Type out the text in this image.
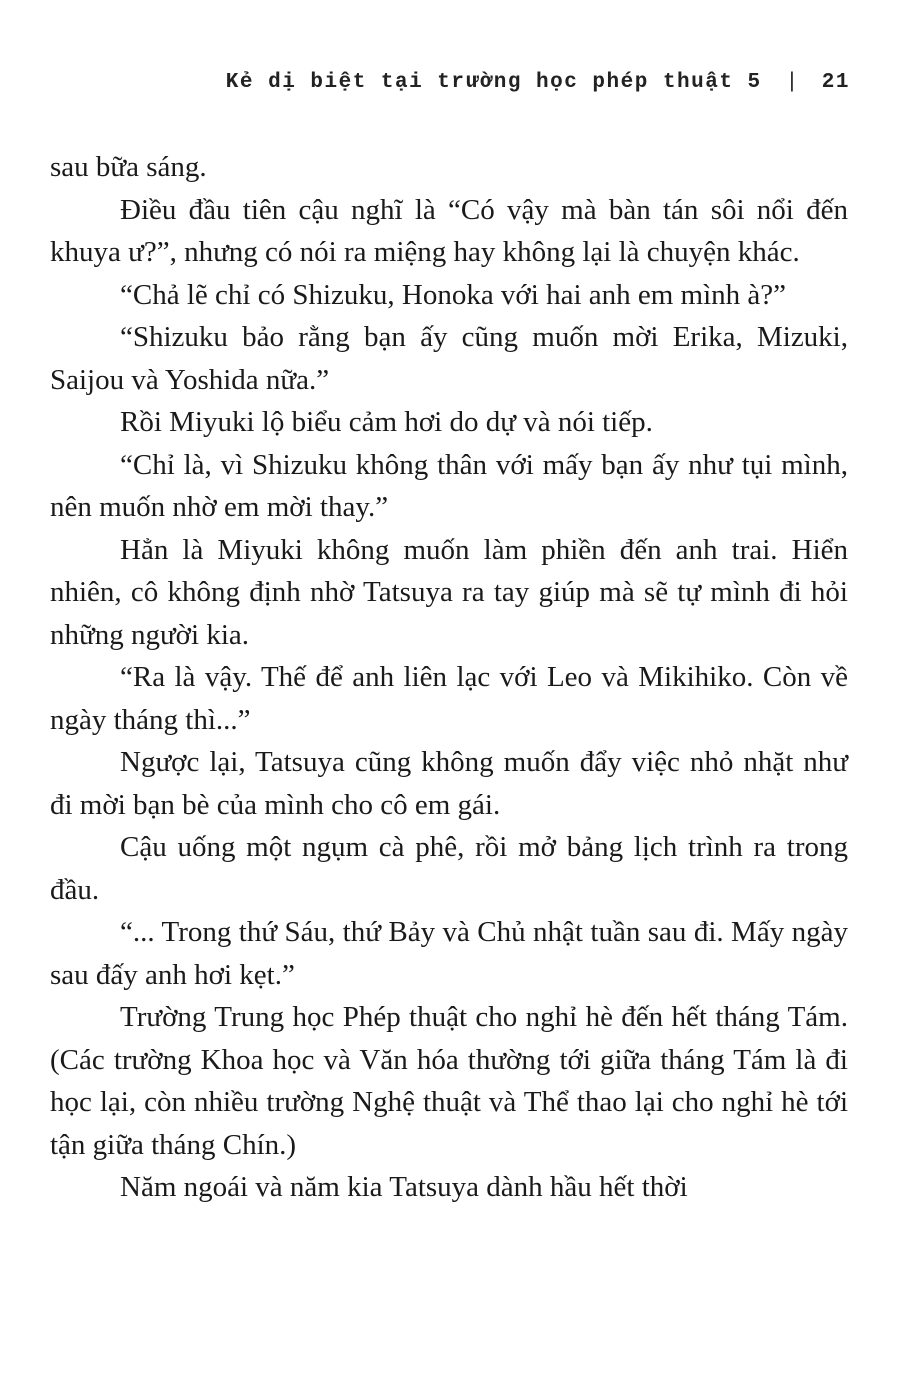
Kẻ dị biệt tại trường học phép thuật 5 | 21

sau bữa sáng.

Điều đầu tiên cậu nghĩ là “Có vậy mà bàn tán sôi nổi đến khuya ư?”, nhưng có nói ra miệng hay không lại là chuyện khác.

“Chả lẽ chỉ có Shizuku, Honoka với hai anh em mình à?”

“Shizuku bảo rằng bạn ấy cũng muốn mời Erika, Mizuki, Saijou và Yoshida nữa.”

Rồi Miyuki lộ biểu cảm hơi do dự và nói tiếp.

“Chỉ là, vì Shizuku không thân với mấy bạn ấy như tụi mình, nên muốn nhờ em mời thay.”

Hẳn là Miyuki không muốn làm phiền đến anh trai. Hiển nhiên, cô không định nhờ Tatsuya ra tay giúp mà sẽ tự mình đi hỏi những người kia.

“Ra là vậy. Thế để anh liên lạc với Leo và Mikihiko. Còn về ngày tháng thì...”

Ngược lại, Tatsuya cũng không muốn đẩy việc nhỏ nhặt như đi mời bạn bè của mình cho cô em gái.

Cậu uống một ngụm cà phê, rồi mở bảng lịch trình ra trong đầu.

“... Trong thứ Sáu, thứ Bảy và Chủ nhật tuần sau đi. Mấy ngày sau đấy anh hơi kẹt.”

Trường Trung học Phép thuật cho nghỉ hè đến hết tháng Tám. (Các trường Khoa học và Văn hóa thường tới giữa tháng Tám là đi học lại, còn nhiều trường Nghệ thuật và Thể thao lại cho nghỉ hè tới tận giữa tháng Chín.)

Năm ngoái và năm kia Tatsuya dành hầu hết thời
